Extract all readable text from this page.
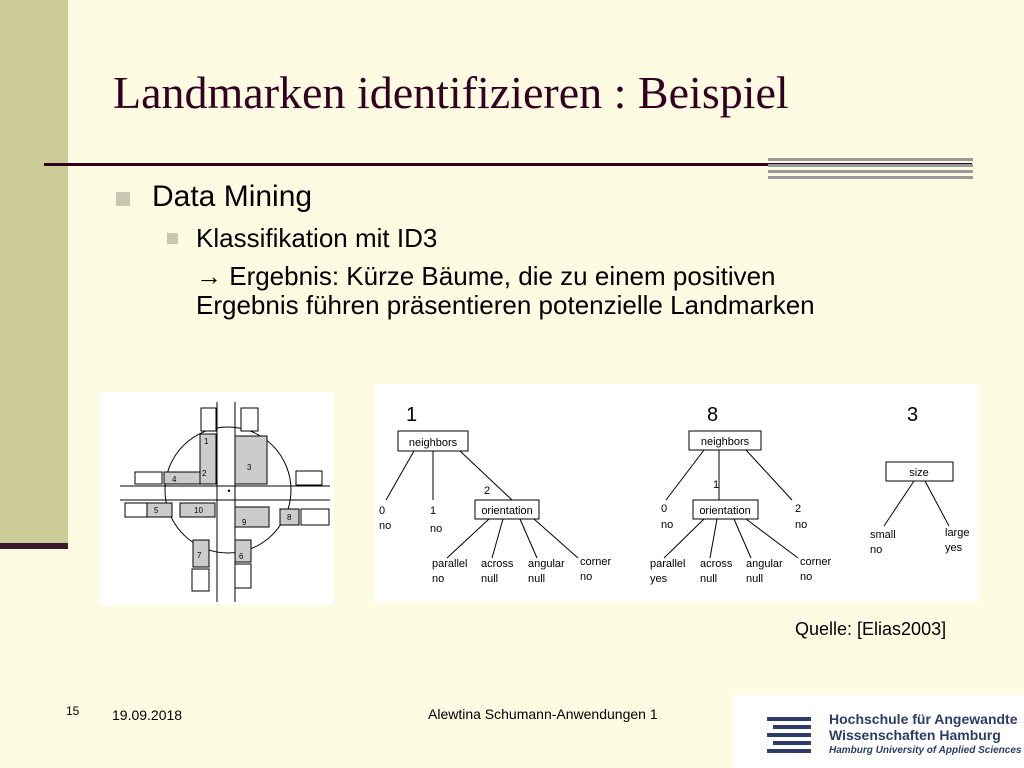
Landmarken identifizieren : Beispiel
Data Mining
Klassifikation mit ID3
→ Ergebnis: Kürze Bäume, die zu einem positiven
Ergebnis führen präsentieren potenzielle Landmarken
•
1
2
3
4
5	10
9
8
7	6
1
neighbors
orientation
0
no
1
no
2
parallel
no
across
null
angular
null
corner
no
8
neighbors
orientation
0
no
1
2
no
parallel
yes
across
null
angular
null
corner
no
3
size
small
no
large
yes
Quelle: [Elias2003]
15 19.09.2018	Alewtina Schumann-Anwendungen 1	Hochschule für Angewandte
Wissenschaften Hamburg
Hamburg University of Applied Sciences
